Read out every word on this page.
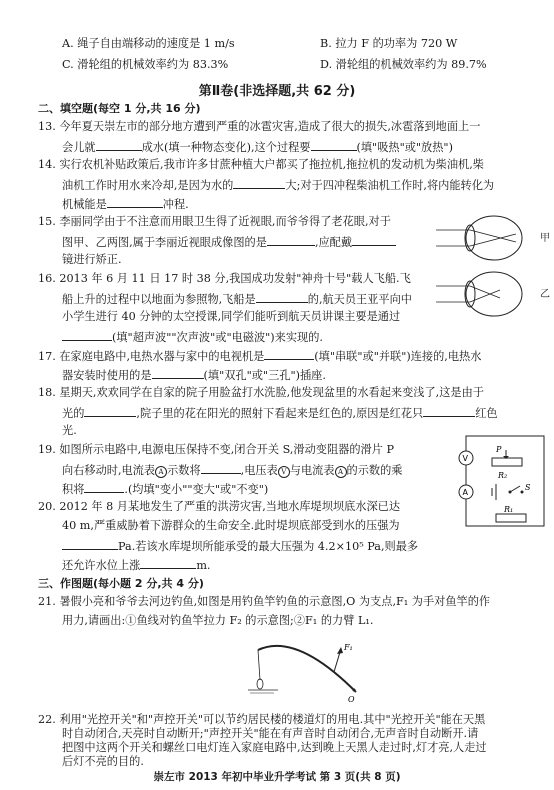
A. 绳子自由端移动的速度是 1 m/s	B. 拉力 F 的功率为 720 W
C. 滑轮组的机械效率约为 83.3%	D. 滑轮组的机械效率约为 89.7%
第Ⅱ卷(非选择题,共 62 分)
二、填空题(每空 1 分,共 16 分)
13. 今年夏天崇左市的部分地方遭到严重的冰雹灾害,造成了很大的损失,冰雹落到地面上一
会儿就	成水(填一种物态变化),这个过程要	(填"吸热"或"放热")
14. 实行农机补贴政策后,我市许多甘蔗种植大户都买了拖拉机,拖拉机的发动机为柴油机,柴
油机工作时用水来冷却,是因为水的	大;对于四冲程柴油机工作时,将内能转化为
机械能是	冲程.
15. 李丽同学由于不注意而用眼卫生得了近视眼,而爷爷得了老花眼,对于
图甲、乙两图,属于李丽近视眼成像图的是	,应配戴
镜进行矫正.
甲
乙
16. 2013 年 6 月 11 日 17 时 38 分,我国成功发射"神舟十号"载人飞船.飞
船上升的过程中以地面为参照物,飞船是	的,航天员王亚平向中
小学生进行 40 分钟的太空授课,同学们能听到航天员讲课主要是通过
(填"超声波""次声波"或"电磁波")来实现的.
17. 在家庭电路中,电热水器与家中的电视机是	(填"串联"或"并联")连接的,电热水
器安装时使用的是	(填"双孔"或"三孔")插座.
18. 星期天,欢欢同学在自家的院子用脸盆打水洗脸,他发现盆里的水看起来变浅了,这是由于
光的	,院子里的花在阳光的照射下看起来是红色的,原因是红花只	红色
光.
19. 如图所示电路中,电源电压保持不变,闭合开关 S,滑动变阻器的滑片 P
向右移动时,电流表 A 示数将	,电压表 V 与电流表 A 的示数的乘
积将	.(均填"变小""变大"或"不变")
20. 2012 年 8 月某地发生了严重的洪涝灾害,当地水库堤坝坝底水深已达
40 m,严重威胁着下游群众的生命安全.此时堤坝底部受到水的压强为
Pa.若该水库堤坝所能承受的最大压强为 4.2×10⁵ Pa,则最多
还允许水位上涨	m.
V
A
P
R₂
S
R₁
三、作图题(每小题 2 分,共 4 分)
21. 暑假小亮和爷爷去河边钓鱼,如图是用钓鱼竿钓鱼的示意图,O 为支点,F₁ 为手对鱼竿的作
用力,请画出:①鱼线对钓鱼竿拉力 F₂ 的示意图;②F₁ 的力臂 L₁.
F₁
O
22. 利用"光控开关"和"声控开关"可以节约居民楼的楼道灯的用电.其中"光控开关"能在天黑
时自动闭合,天亮时自动断开;"声控开关"能在有声音时自动闭合,无声音时自动断开.请
把图中这两个开关和螺丝口电灯连入家庭电路中,达到晚上天黑人走过时,灯才亮,人走过
后灯不亮的目的.
崇左市 2013 年初中毕业升学考试 第 3 页(共 8 页)
